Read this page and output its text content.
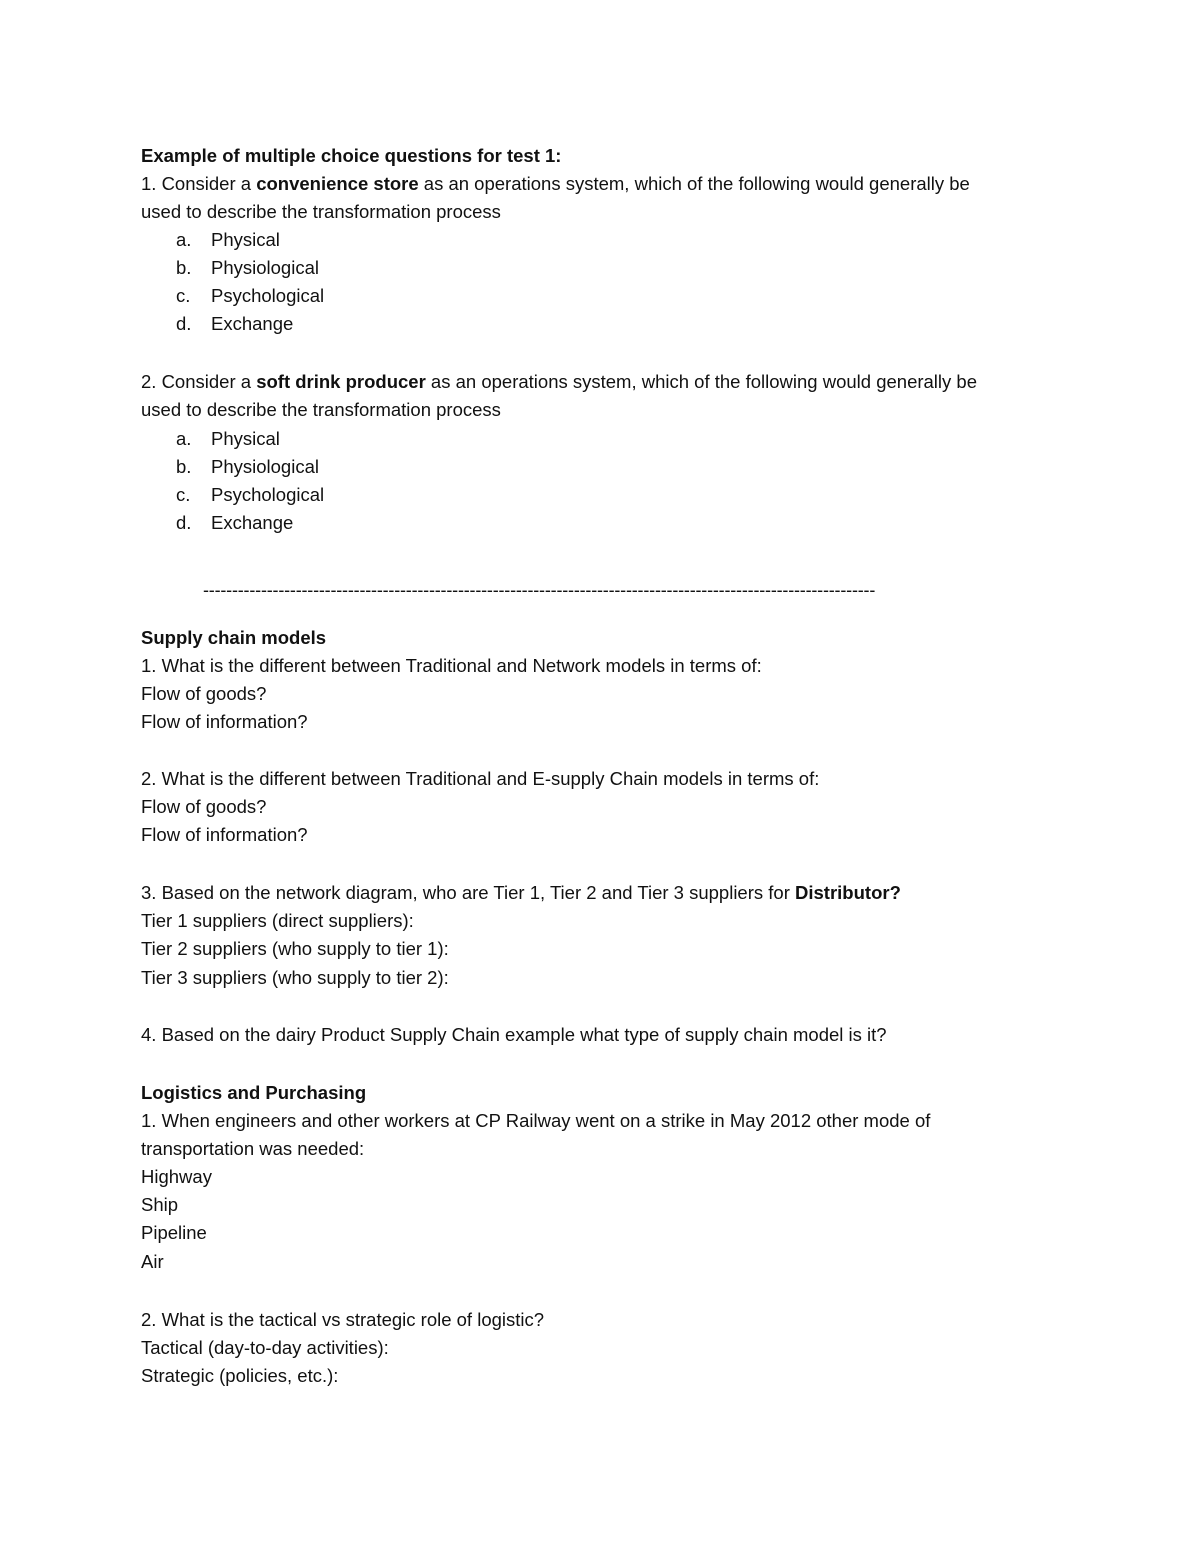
Example of multiple choice questions for test 1:
1. Consider a convenience store as an operations system, which of the following would generally be
used to describe the transformation process
a. Physical
b. Physiological
c. Psychological
d. Exchange
2. Consider a soft drink producer as an operations system, which of the following would generally be
used to describe the transformation process
a. Physical
b. Physiological
c. Psychological
d. Exchange
--------------------------------------------------------------------------------------------------------------------
Supply chain models
1. What is the different between Traditional and Network models in terms of:
Flow of goods?
Flow of information?
2. What is the different between Traditional and E-supply Chain models in terms of:
Flow of goods?
Flow of information?
3. Based on the network diagram, who are Tier 1, Tier 2 and Tier 3 suppliers for Distributor?
Tier 1 suppliers (direct suppliers):
Tier 2 suppliers (who supply to tier 1):
Tier 3 suppliers (who supply to tier 2):
4. Based on the dairy Product Supply Chain example what type of supply chain model is it?
Logistics and Purchasing
1. When engineers and other workers at CP Railway went on a strike in May 2012 other mode of
transportation was needed:
Highway
Ship
Pipeline
Air
2. What is the tactical vs strategic role of logistic?
Tactical (day-to-day activities):
Strategic (policies, etc.):
